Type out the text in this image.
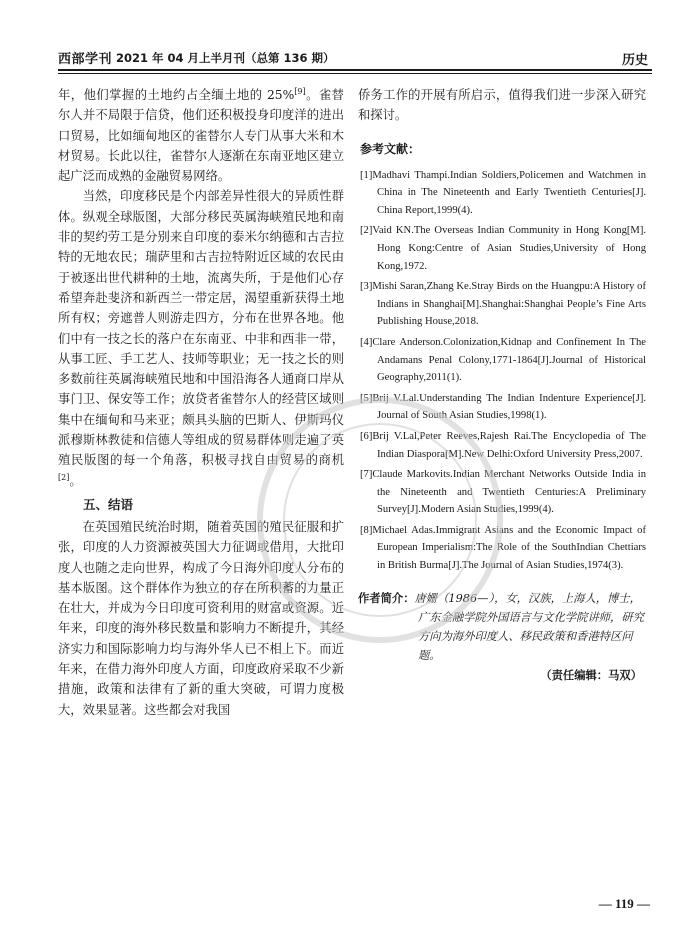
西部学刊 2021 年 04 月上半月刊（总第 136 期）	历史

年，他们掌握的土地约占全缅土地的 25%[9]。雀替尔人并不局限于信贷，他们还积极投身印度洋的进出口贸易，比如缅甸地区的雀替尔人专门从事大米和木材贸易。长此以往，雀替尔人逐渐在东南亚地区建立起广泛而成熟的金融贸易网络。

当然，印度移民是个内部差异性很大的异质性群体。纵观全球版图，大部分移民英属海峡殖民地和南非的契约劳工是分别来自印度的泰米尔纳德和古吉拉特的无地农民；瑞萨里和古吉拉特附近区域的农民由于被逐出世代耕种的土地，流离失所，于是他们心存希望奔赴斐济和新西兰一带定居，渴望重新获得土地所有权；旁遮普人则游走四方，分布在世界各地。他们中有一技之长的落户在东南亚、中非和西非一带，从事工匠、手工艺人、技师等职业；无一技之长的则多数前往英属海峡殖民地和中国沿海各人通商口岸从事门卫、保安等工作；放贷者雀替尔人的经营区域则集中在缅甸和马来亚；颇具头脑的巴斯人、伊斯玛仪派穆斯林教徒和信德人等组成的贸易群体则走遍了英殖民版图的每一个角落，积极寻找自由贸易的商机[2]。

五、结语

在英国殖民统治时期，随着英国的殖民征服和扩张，印度的人力资源被英国大力征调或借用，大批印度人也随之走向世界，构成了今日海外印度人分布的基本版图。这个群体作为独立的存在所积蓄的力量正在壮大，并成为今日印度可资利用的财富或资源。近年来，印度的海外移民数量和影响力不断提升，其经济实力和国际影响力均与海外华人已不相上下。而近年来，在借力海外印度人方面，印度政府采取不少新措施，政策和法律有了新的重大突破，可谓力度极大，效果显著。这些都会对我国

侨务工作的开展有所启示，值得我们进一步深入研究和探讨。

参考文献：
[1]Madhavi Thampi.Indian Soldiers,Policemen and Watchmen in China in The Nineteenth and Early Twentieth Centuries[J]. China Report,1999(4).
[2]Vaid KN.The Overseas Indian Community in Hong Kong[M]. Hong Kong:Centre of Asian Studies,University of Hong Kong,1972.
[3]Mishi Saran,Zhang Ke.Stray Birds on the Huangpu:A History of Indians in Shanghai[M].Shanghai:Shanghai People’s Fine Arts Publishing House,2018.
[4]Clare Anderson.Colonization,Kidnap and Confinement In The Andamans Penal Colony,1771-1864[J].Journal of Historical Geography,2011(1).
[5]Brij V.Lal.Understanding The Indian Indenture Experience[J]. Journal of South Asian Studies,1998(1).
[6]Brij V.Lal,Peter Reeves,Rajesh Rai.The Encyclopedia of The Indian Diaspora[M].New Delhi:Oxford University Press,2007.
[7]Claude Markovits.Indian Merchant Networks Outside India in the Nineteenth and Twentieth Centuries:A Preliminary Survey[J].Modern Asian Studies,1999(4).
[8]Michael Adas.Immigrant Asians and the Economic Impact of European Imperialism:The Role of the SouthIndian Chettiars in British Burma[J].The Journal of Asian Studies,1974(3).
作者简介：唐姗（1986—），女，汉族，上海人，博士，广东金融学院外国语言与文化学院讲师，研究方向为海外印度人、移民政策和香港特区问题。
（责任编辑：马双）
— 119 —
